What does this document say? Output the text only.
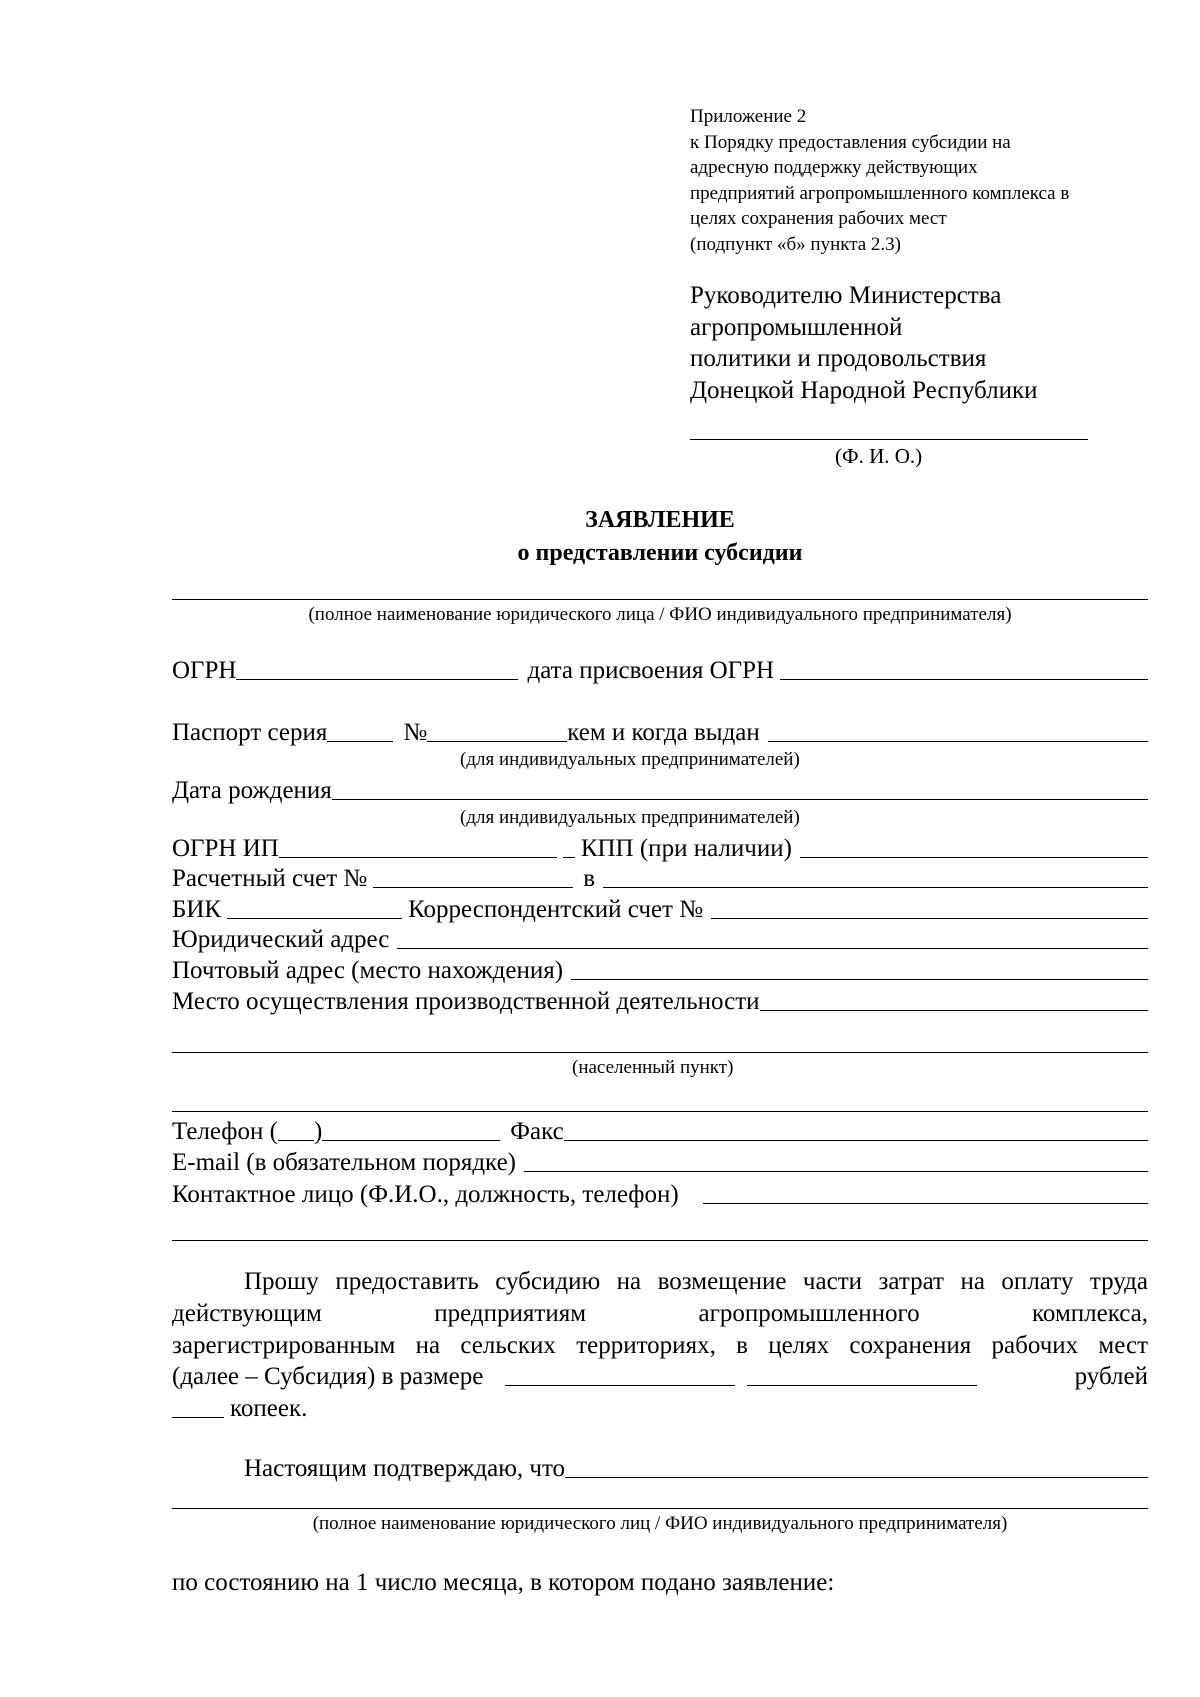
Приложение 2
к Порядку предоставления субсидии на
адресную поддержку действующих
предприятий агропромышленного комплекса в
целях сохранения рабочих мест
(подпункт «б» пункта 2.3)
Руководителю Министерства
агропромышленной
политики и продовольствия
Донецкой Народной Республики
(Ф. И. О.)
ЗАЯВЛЕНИЕ
о представлении субсидии
(полное наименование юридического лица / ФИО индивидуального предпринимателя)
ОГРН	дата присвоения ОГРН
Паспорт серия	№	кем и когда выдан
(для индивидуальных предпринимателей)
Дата рождения
(для индивидуальных предпринимателей)
ОГРН ИП	КПП (при наличии)
Расчетный счет №	в
БИК	Корреспондентский счет №
Юридический адрес
Почтовый адрес (место нахождения)
Место осуществления производственной деятельности
(населенный пункт)
Телефон ( )	Факс
E-mail (в обязательном порядке)
Контактное лицо (Ф.И.О., должность, телефон)
Прошу предоставить субсидию на возмещение части затрат на оплату труда
действующим предприятиям агропромышленного комплекса,
зарегистрированным на сельских территориях, в целях сохранения рабочих мест
(далее – Субсидия) в размере	рублей
копеек.
Настоящим подтверждаю, что
(полное наименование юридического лиц / ФИО индивидуального предпринимателя)
по состоянию на 1 число месяца, в котором подано заявление:
